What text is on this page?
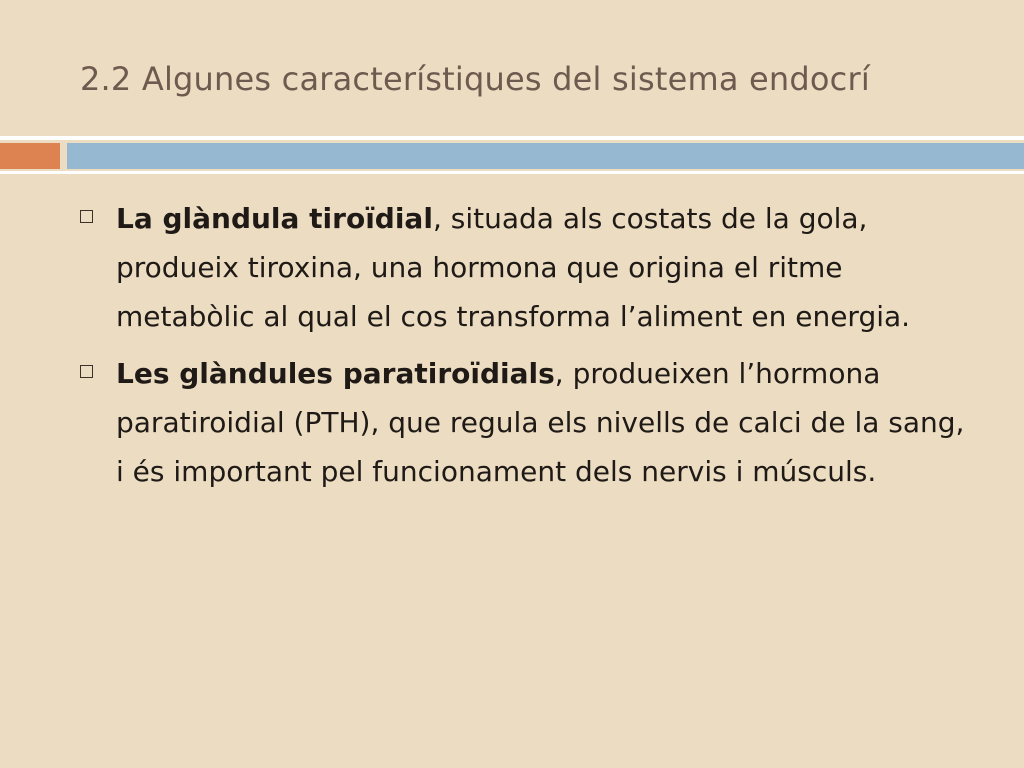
2.2 Algunes característiques del sistema endocrí
La glàndula tiroïdial, situada als costats de la gola, produeix tiroxina, una hormona que origina el ritme metabòlic al qual el cos transforma l’aliment en energia.
Les glàndules paratiroïdials, produeixen l’hormona paratiroidial (PTH), que regula els nivells de calci de la sang, i és important pel funcionament dels nervis i músculs.
